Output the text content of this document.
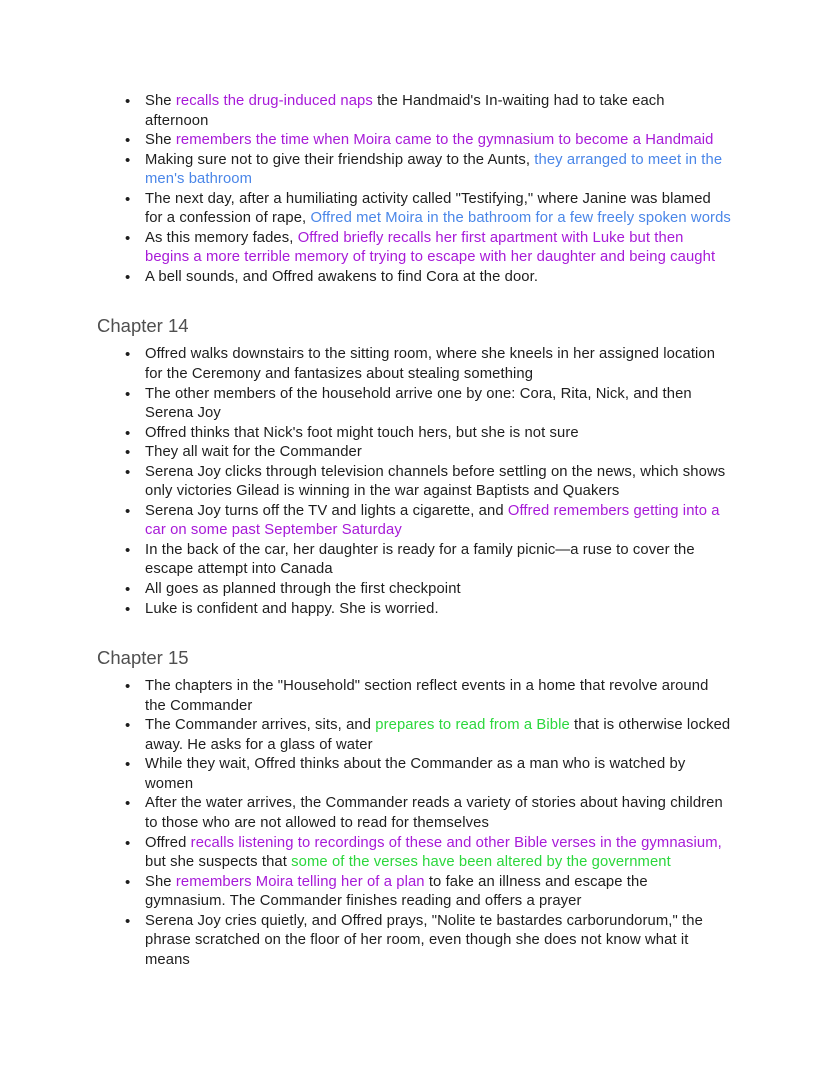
• She recalls the drug-induced naps the Handmaid's In-waiting had to take each afternoon
• She remembers the time when Moira came to the gymnasium to become a Handmaid
• Making sure not to give their friendship away to the Aunts, they arranged to meet in the men's bathroom
• The next day, after a humiliating activity called "Testifying," where Janine was blamed for a confession of rape, Offred met Moira in the bathroom for a few freely spoken words
• As this memory fades, Offred briefly recalls her first apartment with Luke but then begins a more terrible memory of trying to escape with her daughter and being caught
• A bell sounds, and Offred awakens to find Cora at the door.
Chapter 14
• Offred walks downstairs to the sitting room, where she kneels in her assigned location for the Ceremony and fantasizes about stealing something
• The other members of the household arrive one by one: Cora, Rita, Nick, and then Serena Joy
• Offred thinks that Nick's foot might touch hers, but she is not sure
• They all wait for the Commander
• Serena Joy clicks through television channels before settling on the news, which shows only victories Gilead is winning in the war against Baptists and Quakers
• Serena Joy turns off the TV and lights a cigarette, and Offred remembers getting into a car on some past September Saturday
• In the back of the car, her daughter is ready for a family picnic—a ruse to cover the escape attempt into Canada
• All goes as planned through the first checkpoint
• Luke is confident and happy. She is worried.
Chapter 15
• The chapters in the "Household" section reflect events in a home that revolve around the Commander
• The Commander arrives, sits, and prepares to read from a Bible that is otherwise locked away. He asks for a glass of water
• While they wait, Offred thinks about the Commander as a man who is watched by women
• After the water arrives, the Commander reads a variety of stories about having children to those who are not allowed to read for themselves
• Offred recalls listening to recordings of these and other Bible verses in the gymnasium, but she suspects that some of the verses have been altered by the government
• She remembers Moira telling her of a plan to fake an illness and escape the gymnasium. The Commander finishes reading and offers a prayer
• Serena Joy cries quietly, and Offred prays, "Nolite te bastardes carborundorum," the phrase scratched on the floor of her room, even though she does not know what it means
